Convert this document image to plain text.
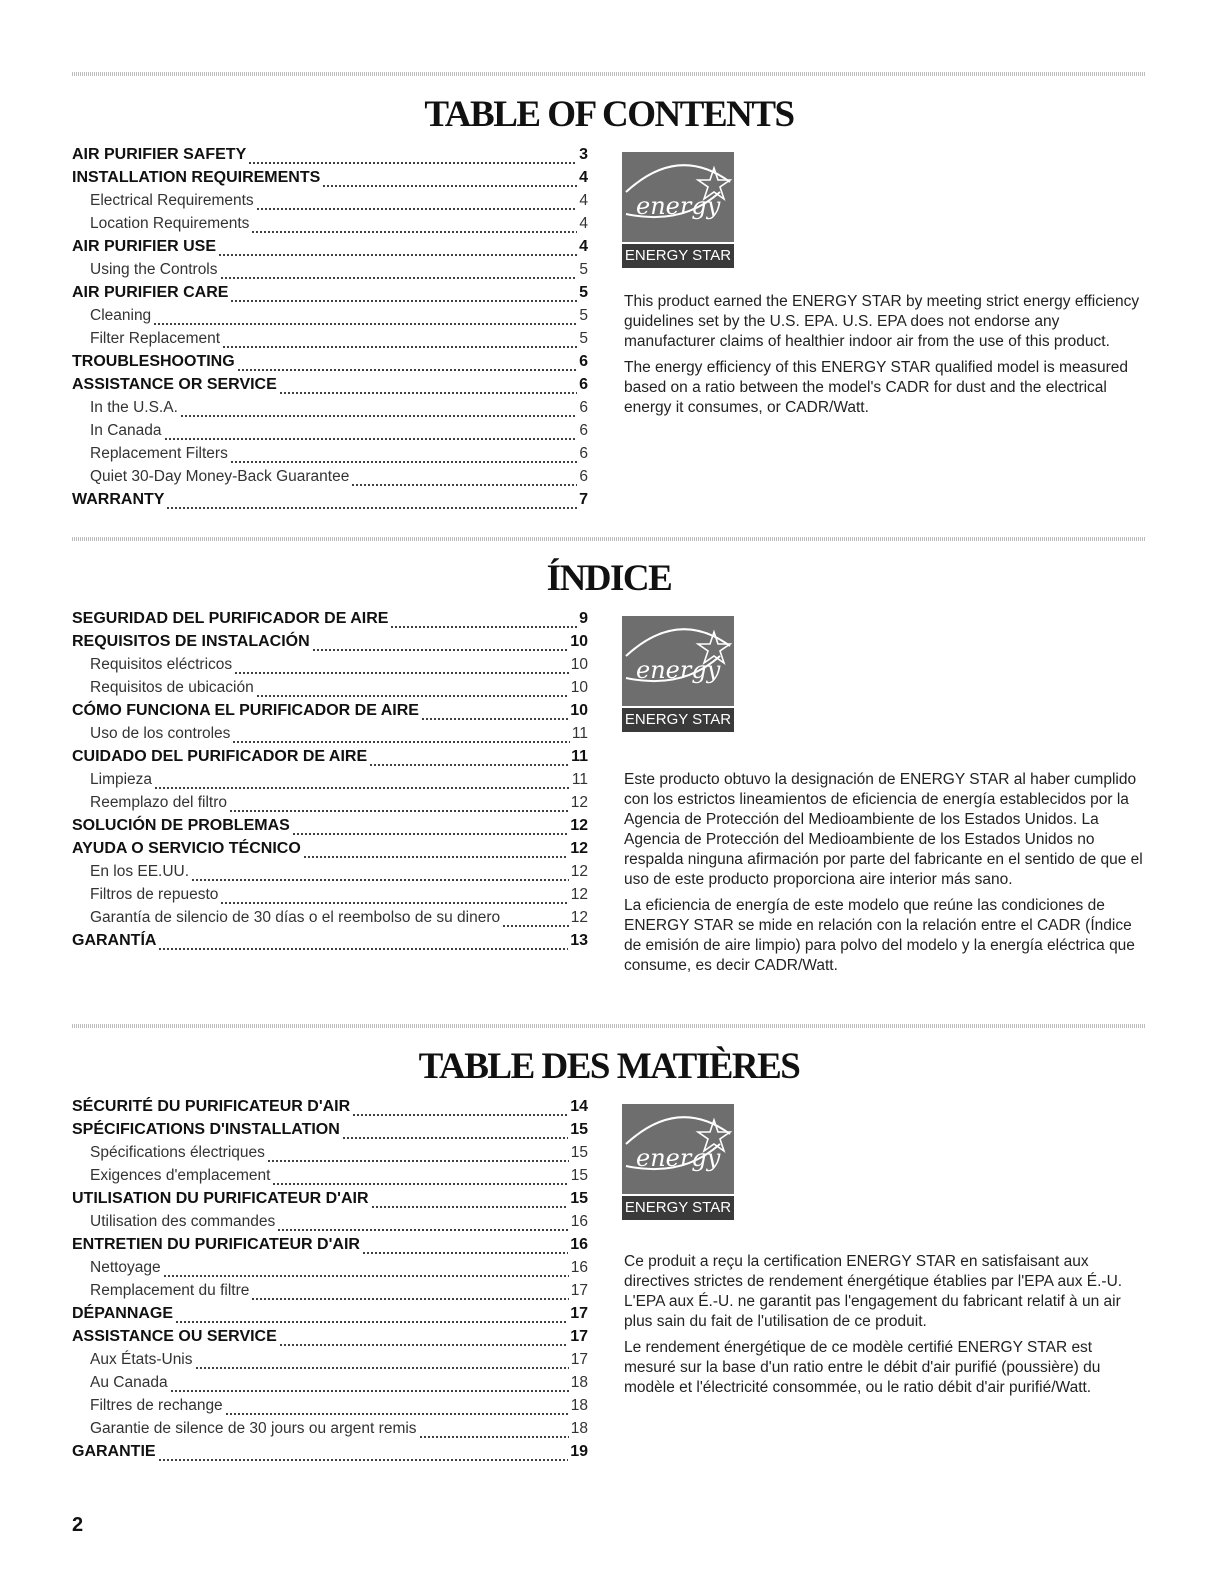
TABLE OF CONTENTS
AIR PURIFIER SAFETY	3
INSTALLATION REQUIREMENTS	4
Electrical Requirements	4
Location Requirements	4
AIR PURIFIER USE	4
Using the Controls	5
AIR PURIFIER CARE	5
Cleaning	5
Filter Replacement	5
TROUBLESHOOTING	6
ASSISTANCE OR SERVICE	6
In the U.S.A.	6
In Canada	6
Replacement Filters	6
Quiet 30-Day Money-Back Guarantee	6
WARRANTY	7
energy
ENERGY STAR

This product earned the ENERGY STAR by meeting strict energy efficiency guidelines set by the U.S. EPA. U.S. EPA does not endorse any manufacturer claims of healthier indoor air from the use of this product.

The energy efficiency of this ENERGY STAR qualified model is measured based on a ratio between the model's CADR for dust and the electrical energy it consumes, or CADR/Watt.

ÍNDICE
SEGURIDAD DEL PURIFICADOR DE AIRE	9
REQUISITOS DE INSTALACIÓN	10
Requisitos eléctricos	10
Requisitos de ubicación	10
CÓMO FUNCIONA EL PURIFICADOR DE AIRE	10
Uso de los controles	11
CUIDADO DEL PURIFICADOR DE AIRE	11
Limpieza	11
Reemplazo del filtro	12
SOLUCIÓN DE PROBLEMAS	12
AYUDA O SERVICIO TÉCNICO	12
En los EE.UU.	12
Filtros de repuesto	12
Garantía de silencio de 30 días o el reembolso de su dinero	12
GARANTÍA	13
energy
ENERGY STAR

Este producto obtuvo la designación de ENERGY STAR al haber cumplido con los estrictos lineamientos de eficiencia de energía establecidos por la Agencia de Protección del Medioambiente de los Estados Unidos. La Agencia de Protección del Medioambiente de los Estados Unidos no respalda ninguna afirmación por parte del fabricante en el sentido de que el uso de este producto proporciona aire interior más sano.

La eficiencia de energía de este modelo que reúne las condiciones de ENERGY STAR se mide en relación con la relación entre el CADR (Índice de emisión de aire limpio) para polvo del modelo y la energía eléctrica que consume, es decir CADR/Watt.

TABLE DES MATIÈRES
SÉCURITÉ DU PURIFICATEUR D'AIR	14
SPÉCIFICATIONS D'INSTALLATION	15
Spécifications électriques	15
Exigences d'emplacement	15
UTILISATION DU PURIFICATEUR D'AIR	15
Utilisation des commandes	16
ENTRETIEN DU PURIFICATEUR D'AIR	16
Nettoyage	16
Remplacement du filtre	17
DÉPANNAGE	17
ASSISTANCE OU SERVICE	17
Aux États-Unis	17
Au Canada	18
Filtres de rechange	18
Garantie de silence de 30 jours ou argent remis	18
GARANTIE	19
energy
ENERGY STAR

Ce produit a reçu la certification ENERGY STAR en satisfaisant aux directives strictes de rendement énergétique établies par l'EPA aux É.-U. L'EPA aux É.-U. ne garantit pas l'engagement du fabricant relatif à un air plus sain du fait de l'utilisation de ce produit.

Le rendement énergétique de ce modèle certifié ENERGY STAR est mesuré sur la base d'un ratio entre le débit d'air purifié (poussière) du modèle et l'électricité consommée, ou le ratio débit d'air purifié/Watt.

2
